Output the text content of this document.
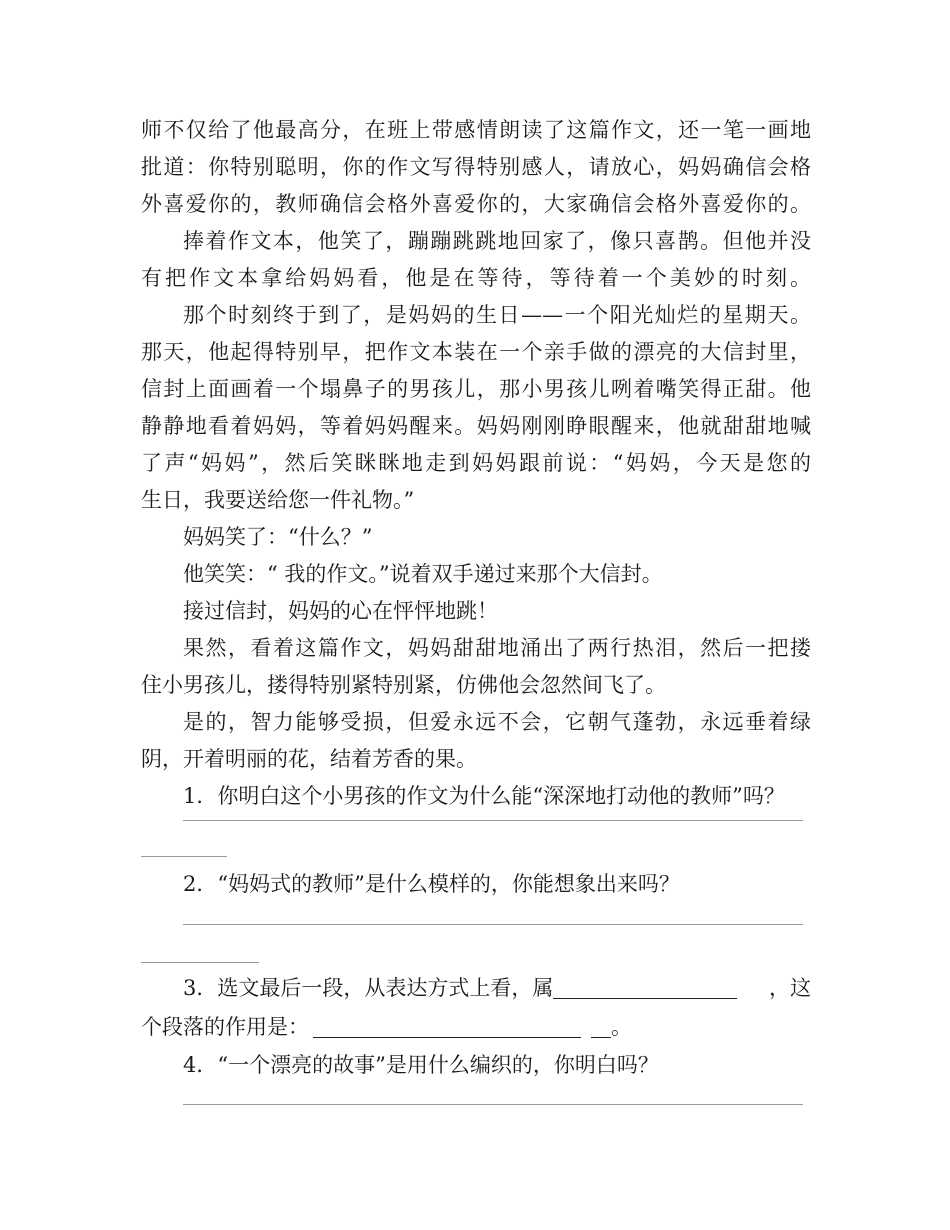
师不仅给了他最高分，在班上带感情朗读了这篇作文，还一笔一画地
批道：你特别聪明，你的作文写得特别感人，请放心，妈妈确信会格
外喜爱你的，教师确信会格外喜爱你的，大家确信会格外喜爱你的。
捧着作文本，他笑了，蹦蹦跳跳地回家了，像只喜鹊。但他并没
有把作文本拿给妈妈看，他是在等待，等待着一个美妙的时刻。
那个时刻终于到了，是妈妈的生日——一个阳光灿烂的星期天。
那天，他起得特别早，把作文本装在一个亲手做的漂亮的大信封里，
信封上面画着一个塌鼻子的男孩儿，那小男孩儿咧着嘴笑得正甜。他
静静地看着妈妈，等着妈妈醒来。妈妈刚刚睁眼醒来，他就甜甜地喊
了声“妈妈”，然后笑眯眯地走到妈妈跟前说：“妈妈，今天是您的
生日，我要送给您一件礼物。”
妈妈笑了：“什么？”
他笑笑：“ 我的作文。”说着双手递过来那个大信封。
接过信封，妈妈的心在怦怦地跳！
果然，看着这篇作文，妈妈甜甜地涌出了两行热泪，然后一把搂
住小男孩儿，搂得特别紧特别紧，仿佛他会忽然间飞了。
是的，智力能够受损，但爱永远不会，它朝气蓬勃，永远垂着绿
阴，开着明丽的花，结着芳香的果。
1．你明白这个小男孩的作文为什么能“深深地打动他的教师”吗？
2．“妈妈式的教师”是什么模样的，你能想象出来吗？
3．选文最后一段，从表达方式上看，属	，这
个段落的作用是：	。
4．“一个漂亮的故事”是用什么编织的，你明白吗？
